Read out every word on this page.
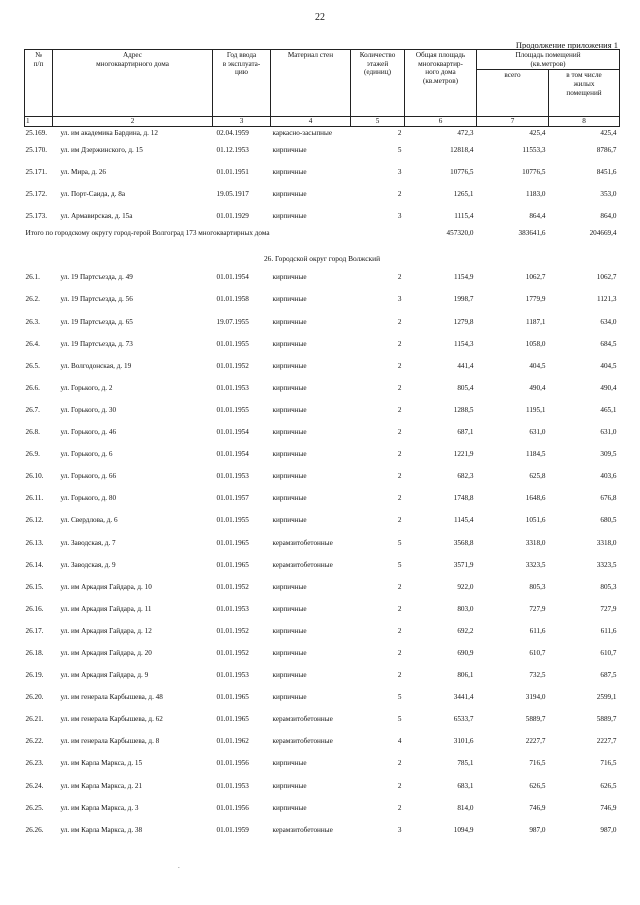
22
Продолжение приложения 1
№
п/п	Адрес
многоквартирного дома	Год ввода
в эксплуата-
цию	Материал стен	Количество
этажей
(единиц)	Общая площадь
многоквартир-
ного дома
(кв.метров)	Площадь помещений
(кв.метров)	
						всего	в том числе
жилых
помещений
1	2	3	4	5	6	7	8
25.169.	ул. им академика Бардина, д. 12	02.04.1959	каркасно-засыпные	2	472,3	425,4	425,4
25.170.	ул. им Дзержинского, д. 15	01.12.1953	кирпичные	5	12818,4	11553,3	8786,7
25.171.	ул. Мира, д. 26	01.01.1951	кирпичные	3	10776,5	10776,5	8451,6
25.172.	ул. Порт-Саида, д. 8а	19.05.1917	кирпичные	2	1265,1	1183,0	353,0
25.173.	ул. Армавирская, д. 15а	01.01.1929	кирпичные	3	1115,4	864,4	864,0
Итого по городскому округу город-герой Волгоград 173 многоквартирных дома					457320,0	383641,6	204669,4
26. Городской округ город Волжский							
26.1.	ул. 19 Партсъезда, д. 49	01.01.1954	кирпичные	2	1154,9	1062,7	1062,7
26.2.	ул. 19 Партсъезда, д. 56	01.01.1958	кирпичные	3	1998,7	1779,9	1121,3
26.3.	ул. 19 Партсъезда, д. 65	19.07.1955	кирпичные	2	1279,8	1187,1	634,0
26.4.	ул. 19 Партсъезда, д. 73	01.01.1955	кирпичные	2	1154,3	1058,0	684,5
26.5.	ул. Волгодонская, д. 19	01.01.1952	кирпичные	2	441,4	404,5	404,5
26.6.	ул. Горького, д. 2	01.01.1953	кирпичные	2	805,4	490,4	490,4
26.7.	ул. Горького, д. 30	01.01.1955	кирпичные	2	1288,5	1195,1	465,1
26.8.	ул. Горького, д. 46	01.01.1954	кирпичные	2	687,1	631,0	631,0
26.9.	ул. Горького, д. 6	01.01.1954	кирпичные	2	1221,9	1184,5	309,5
26.10.	ул. Горького, д. 66	01.01.1953	кирпичные	2	682,3	625,8	403,6
26.11.	ул. Горького, д. 80	01.01.1957	кирпичные	2	1748,8	1648,6	676,8
26.12.	ул. Свердлова, д. 6	01.01.1955	кирпичные	2	1145,4	1051,6	680,5
26.13.	ул. Заводская, д. 7	01.01.1965	керамзитобетонные	5	3568,8	3318,0	3318,0
26.14.	ул. Заводская, д. 9	01.01.1965	керамзитобетонные	5	3571,9	3323,5	3323,5
26.15.	ул. им Аркадия Гайдара, д. 10	01.01.1952	кирпичные	2	922,0	805,3	805,3
26.16.	ул. им Аркадия Гайдара, д. 11	01.01.1953	кирпичные	2	803,0	727,9	727,9
26.17.	ул. им Аркадия Гайдара, д. 12	01.01.1952	кирпичные	2	692,2	611,6	611,6
26.18.	ул. им Аркадия Гайдара, д. 20	01.01.1952	кирпичные	2	690,9	610,7	610,7
26.19.	ул. им Аркадия Гайдара, д. 9	01.01.1953	кирпичные	2	806,1	732,5	687,5
26.20.	ул. им генерала Карбышева, д. 48	01.01.1965	кирпичные	5	3441,4	3194,0	2599,1
26.21.	ул. им генерала Карбышева, д. 62	01.01.1965	керамзитобетонные	5	6533,7	5889,7	5889,7
26.22.	ул. им генерала Карбышева, д. 8	01.01.1962	керамзитобетонные	4	3101,6	2227,7	2227,7
26.23.	ул. им Карла Маркса, д. 15	01.01.1956	кирпичные	2	785,1	716,5	716,5
26.24.	ул. им Карла Маркса, д. 21	01.01.1953	кирпичные	2	683,1	626,5	626,5
26.25.	ул. им Карла Маркса, д. 3	01.01.1956	кирпичные	2	814,0	746,9	746,9
26.26.	ул. им Карла Маркса, д. 38	01.01.1959	керамзитобетонные	3	1094,9	987,0	987,0
.
